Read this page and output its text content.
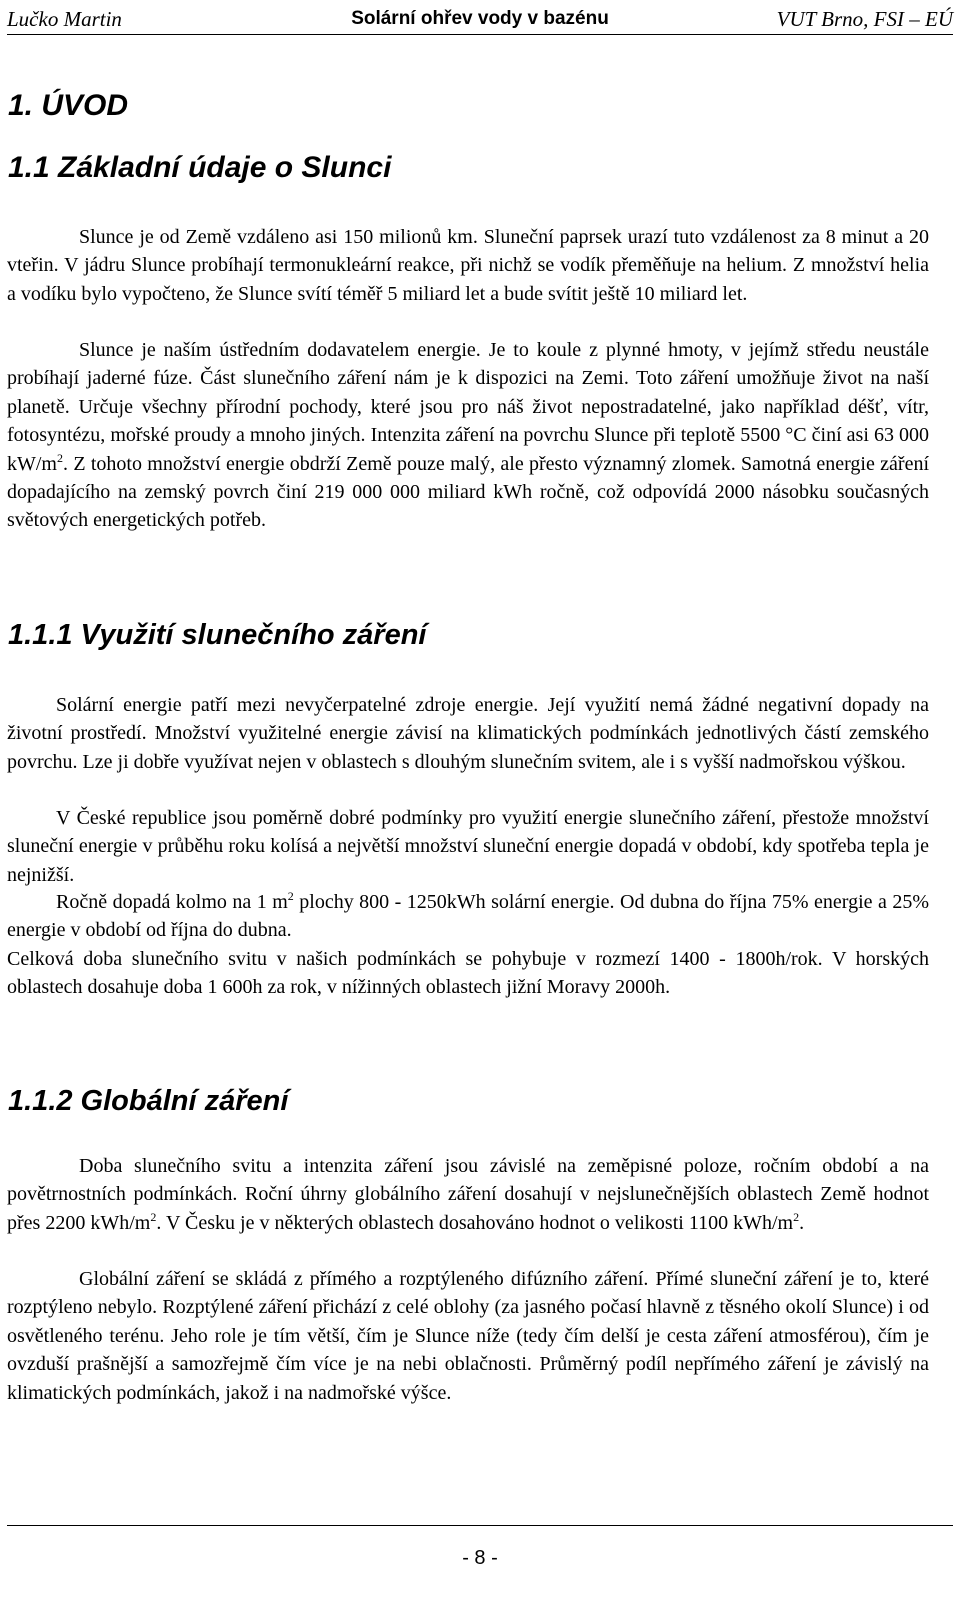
Lučko Martin	Solární ohřev vody v bazénu	VUT Brno, FSI – EÚ
1. ÚVOD
1.1 Základní údaje o Slunci

Slunce je od Země vzdáleno asi 150 milionů km. Sluneční paprsek urazí tuto vzdálenost za 8 minut a 20 vteřin. V jádru Slunce probíhají termonukleární reakce, při nichž se vodík přeměňuje na helium. Z množství helia a vodíku bylo vypočteno, že Slunce svítí téměř 5 miliard let a bude svítit ještě 10 miliard let.

Slunce je naším ústředním dodavatelem energie. Je to koule z plynné hmoty, v jejímž středu neustále probíhají jaderné fúze. Část slunečního záření nám je k dispozici na Zemi. Toto záření umožňuje život na naší planetě. Určuje všechny přírodní pochody, které jsou pro náš život nepostradatelné, jako například déšť, vítr, fotosyntézu, mořské proudy a mnoho jiných. Intenzita záření na povrchu Slunce při teplotě 5500 °C činí asi 63 000 $kW/m^2$. Z tohoto množství energie obdrží Země pouze malý, ale přesto významný zlomek. Samotná energie záření dopadajícího na zemský povrch činí 219 000 000 miliard kWh ročně, což odpovídá 2000 násobku současných světových energetických potřeb.

1.1.1 Využití slunečního záření

Solární energie patří mezi nevyčerpatelné zdroje energie. Její využití nemá žádné negativní dopady na životní prostředí. Množství využitelné energie závisí na klimatických podmínkách jednotlivých částí zemského povrchu. Lze ji dobře využívat nejen v oblastech s dlouhým slunečním svitem, ale i s vyšší nadmořskou výškou.

V České republice jsou poměrně dobré podmínky pro využití energie slunečního záření, přestože množství sluneční energie v průběhu roku kolísá a největší množství sluneční energie dopadá v období, kdy spotřeba tepla je nejnižší.

Ročně dopadá kolmo na 1 $m^2$ plochy 800 - 1250kWh solární energie. Od dubna do října 75% energie a 25% energie v období od října do dubna.

Celková doba slunečního svitu v našich podmínkách se pohybuje v rozmezí 1400 - 1800h/rok. V horských oblastech dosahuje doba 1 600h za rok, v nížinných oblastech jižní Moravy 2000h.

1.1.2 Globální záření

Doba slunečního svitu a intenzita záření jsou závislé na zeměpisné poloze, ročním období a na povětrnostních podmínkách. Roční úhrny globálního záření dosahují v nejslunečnějších oblastech Země hodnot přes 2200 kWh/$m^2$. V Česku je v některých oblastech dosahováno hodnot o velikosti 1100 kWh/$m^2$.

Globální záření se skládá z přímého a rozptýleného difúzního záření. Přímé sluneční záření je to, které rozptýleno nebylo. Rozptýlené záření přichází z celé oblohy (za jasného počasí hlavně z těsného okolí Slunce) i od osvětleného terénu. Jeho role je tím větší, čím je Slunce níže (tedy čím delší je cesta záření atmosférou), čím je ovzduší prašnější a samozřejmě čím více je na nebi oblačnosti. Průměrný podíl nepřímého záření je závislý na klimatických podmínkách, jakož i na nadmořské výšce.

- 8 -
